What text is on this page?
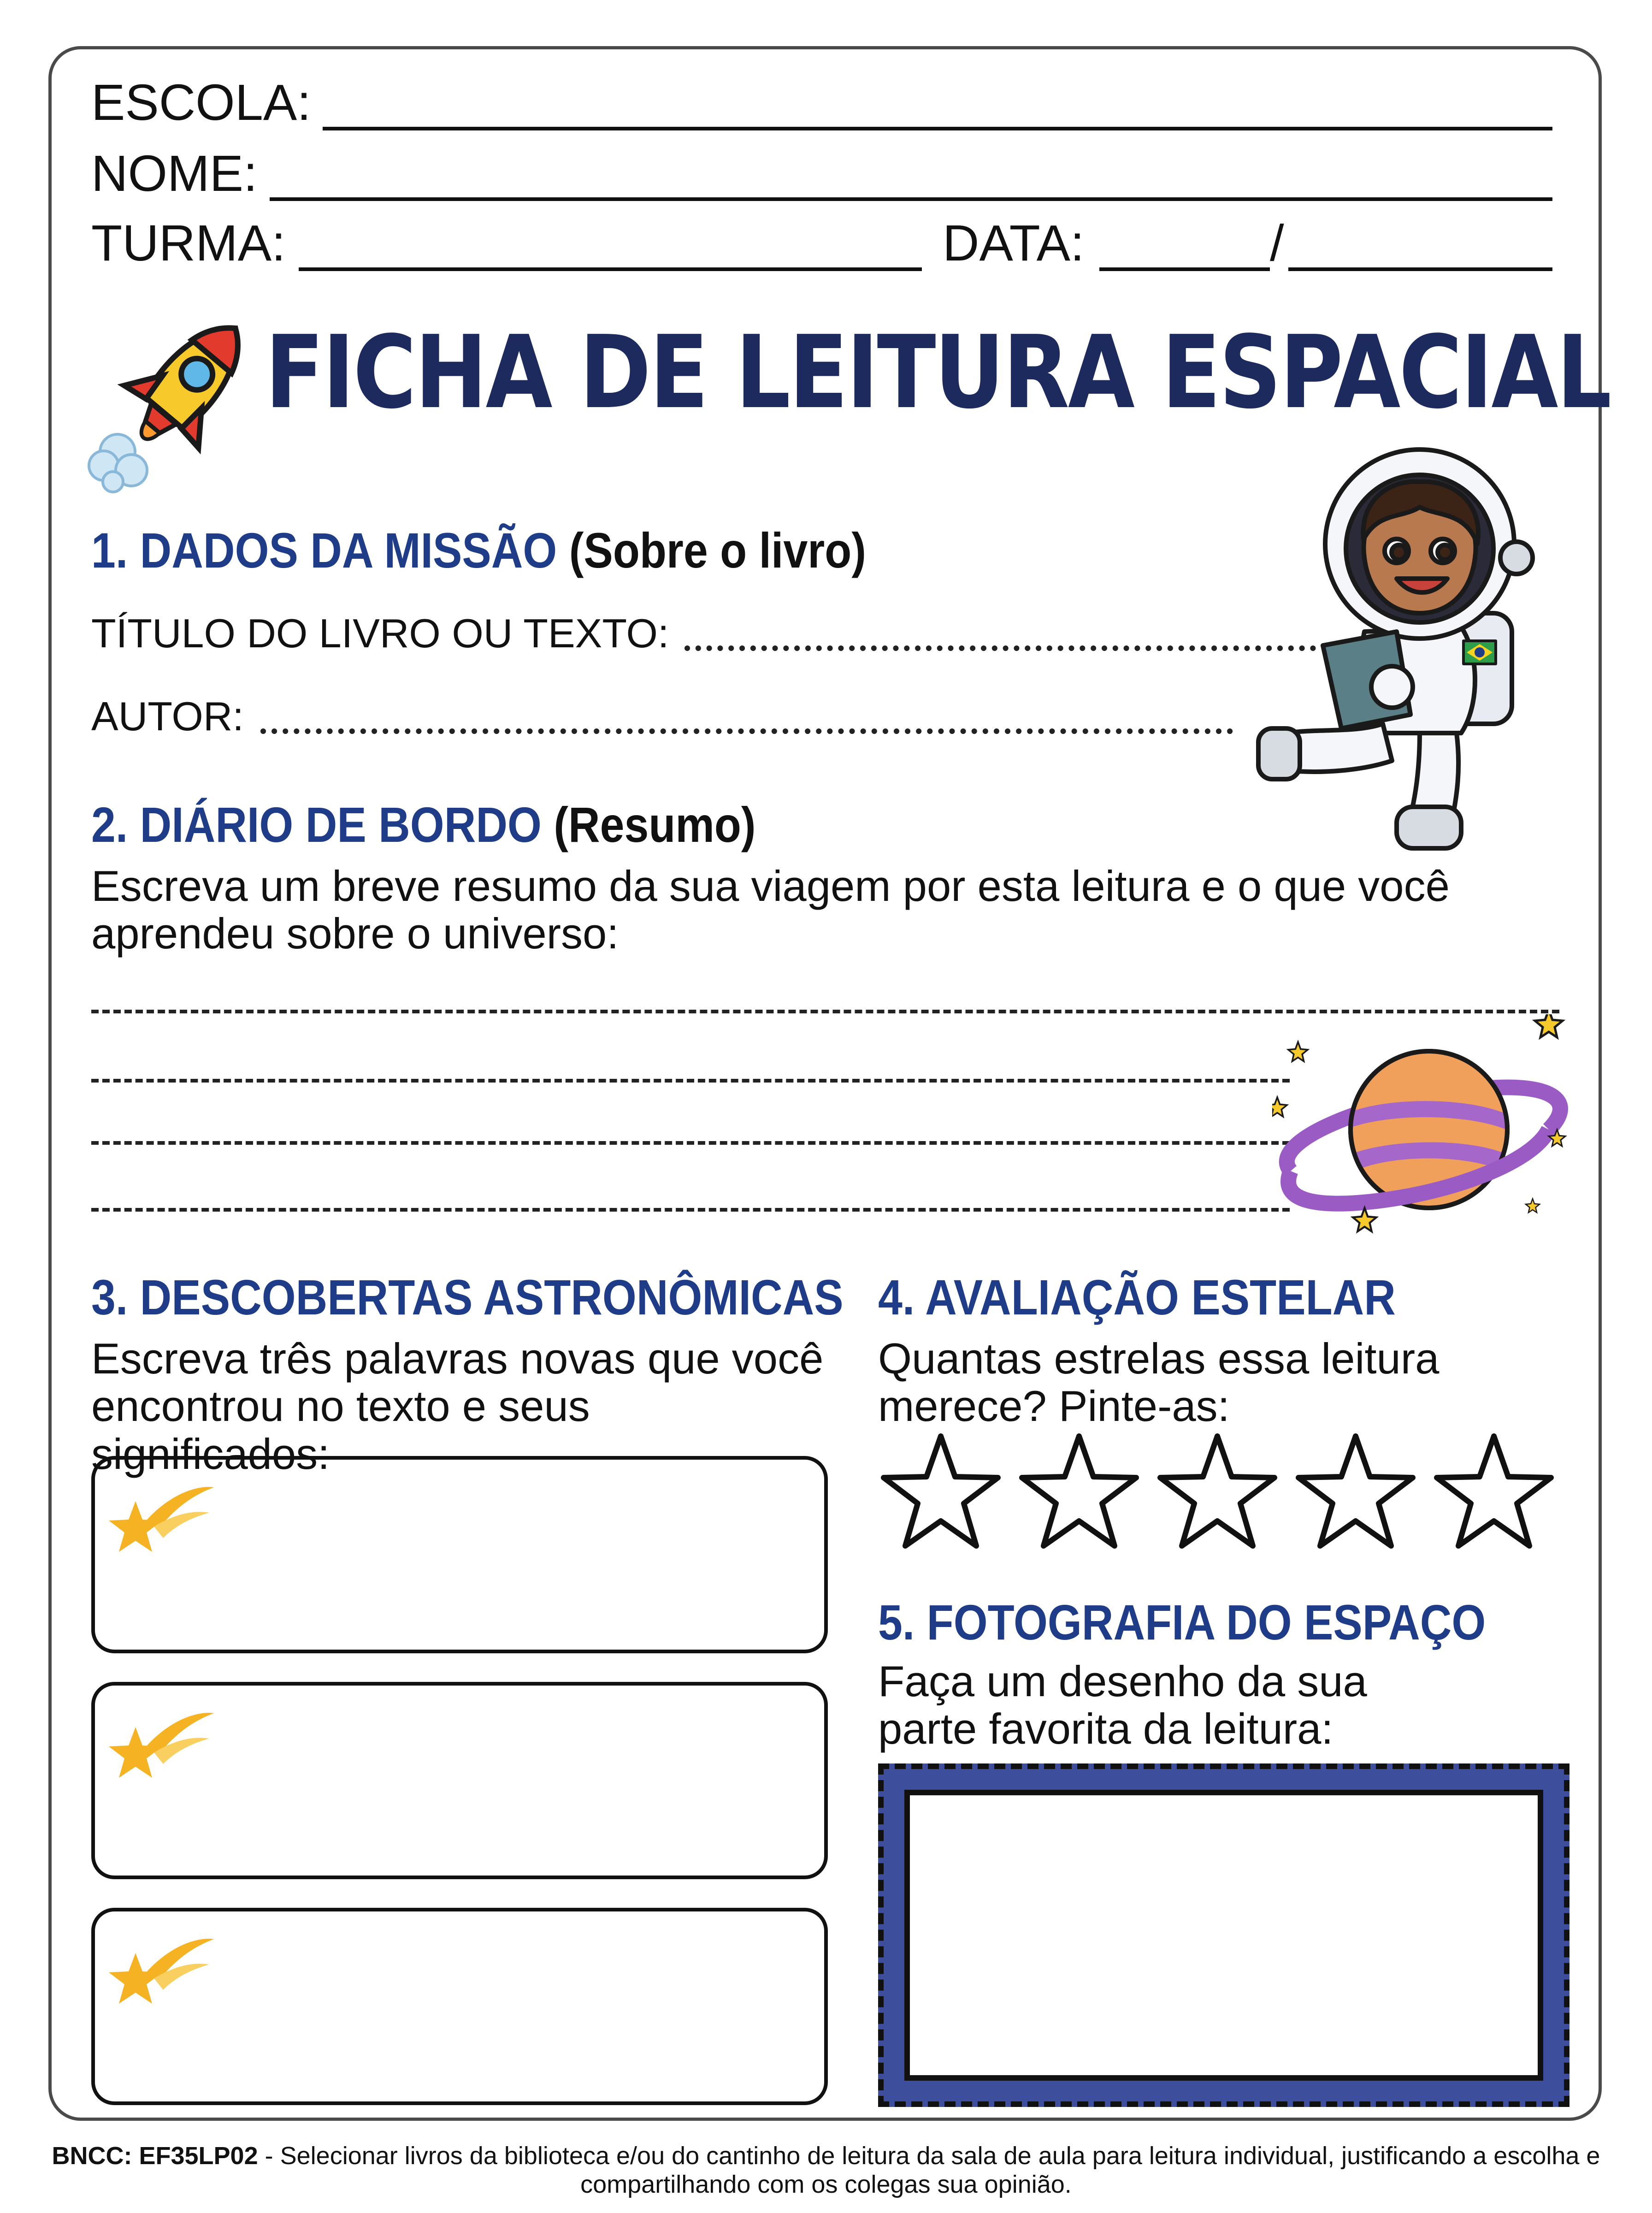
ESCOLA:
NOME:
TURMA:	DATA:	/
FICHA DE LEITURA ESPACIAL
1. DADOS DA MISSÃO (Sobre o livro)
TÍTULO DO LIVRO OU TEXTO:
AUTOR:
2. DIÁRIO DE BORDO (Resumo)
Escreva um breve resumo da sua viagem por esta leitura e o que você aprendeu sobre o universo:
3. DESCOBERTAS ASTRONÔMICAS
Escreva três palavras novas que você encontrou no texto e seus significados:
4. AVALIAÇÃO ESTELAR
Quantas estrelas essa leitura merece? Pinte-as:
5. FOTOGRAFIA DO ESPAÇO
Faça um desenho da sua parte favorita da leitura:
BNCC: EF35LP02 - Selecionar livros da biblioteca e/ou do cantinho de leitura da sala de aula para leitura individual, justificando a escolha e compartilhando com os colegas sua opinião.
